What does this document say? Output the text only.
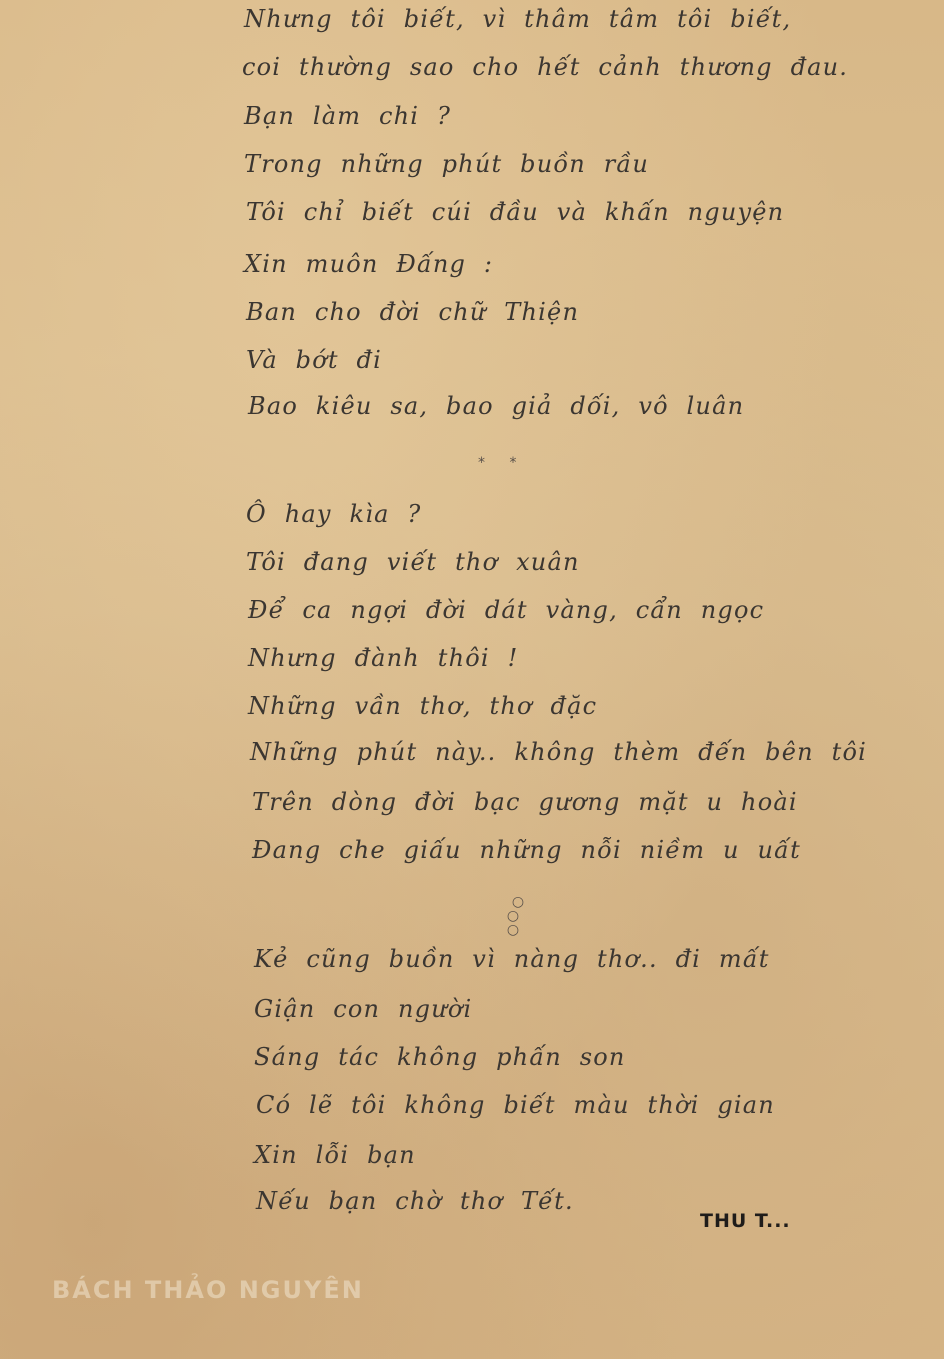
Nhưng tôi biết, vì thâm tâm tôi biết,
coi thường sao cho hết cảnh thương đau.
Bạn làm chi ?
Trong những phút buồn rầu
Tôi chỉ biết cúi đầu và khấn nguyện
Xin muôn Đấng :
Ban cho đời chữ Thiện
Và bớt đi
Bao kiêu sa, bao giả dối, vô luân
Ô hay kìa ?
Tôi đang viết thơ xuân
Để ca ngợi đời dát vàng, cẩn ngọc
Nhưng đành thôi !
Những vần thơ, thơ đặc
Những phút này.. không thèm đến bên tôi
Trên dòng đời bạc gương mặt u hoài
Đang che giấu những nỗi niềm u uất
Kẻ cũng buồn vì nàng thơ.. đi mất
Giận con người
Sáng tác không phấn son
Có lẽ tôi không biết màu thời gian
Xin lỗi bạn
Nếu bạn chờ thơ Tết.
* *
○
○ ○
THU T...
BÁCH THẢO NGUYÊN
